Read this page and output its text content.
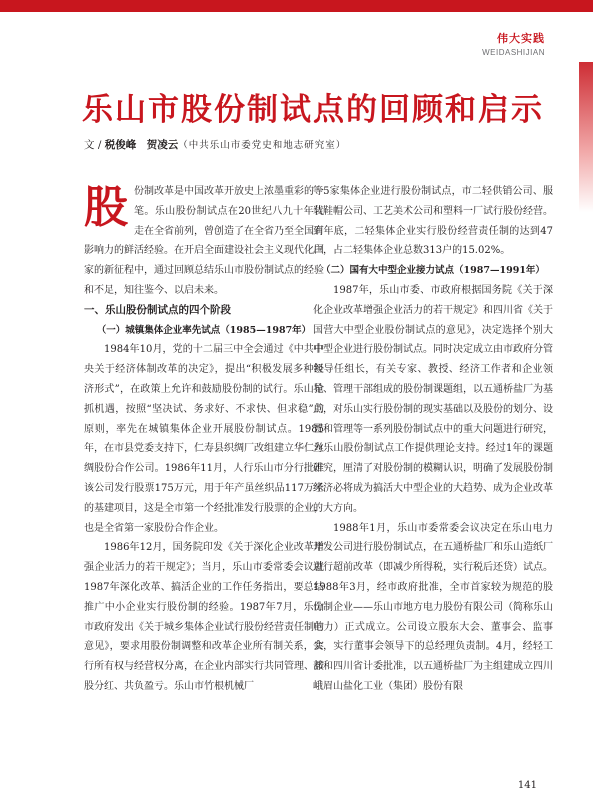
伟大实践
WEIDASHIJIAN
乐山市股份制试点的回顾和启示
文 / 税俊峰　贺凌云（中共乐山市委党史和地志研究室）

股份制改革是中国改革开放史上浓墨重彩的一笔。乐山股份制试点在20世纪八九十年代走在全省前列，曾创造了在全省乃至全国有影响力的鲜活经验。在开启全面建设社会主义现代化国家的新征程中，通过回顾总结乐山市股份制试点的经验和不足，知往鉴今、以启未来。

一、乐山股份制试点的四个阶段

（一）城镇集体企业率先试点（1985—1987年）

1984年10月，党的十二届三中全会通过《中共中央关于经济体制改革的决定》，提出“积极发展多种经济形式”，在政策上允许和鼓励股份制的试行。乐山抢抓机遇，按照“坚决试、务求好、不求快、但求稳”的原则，率先在城镇集体企业开展股份制试点。1985年，在市县党委支持下，仁寿县织绸厂改组建立华仁丝绸股份合作公司。1986年11月，人行乐山市分行批准该公司发行股票175万元，用于年产虽丝织品117万米的基建项目，这是全市第一个经批准发行股票的企业，也是全省第一家股份合作企业。

1986年12月，国务院印发《关于深化企业改革增强企业活力的若干规定》；当月，乐山市委常委会议就1987年深化改革、搞活企业的工作任务指出，要总结推广中小企业实行股份制的经验。1987年7月，乐山市政府发出《关于城乡集体企业试行股份经营责任制的意见》，要求用股份制调整和改革企业所有制关系，实行所有权与经营权分离，在企业内部实行共同管理、按股分红、共负盈亏。乐山市竹根机械厂

等5家集体企业进行股份制试点，市二轻供销公司、服装鞋帽公司、工艺美术公司和塑料一厂试行股份经营。到年底，二轻集体企业实行股份经营责任制的达到47户，占二轻集体企业总数313户的15.02%。

（二）国有大中型企业接力试点（1987—1991年）

1987年，乐山市委、市政府根据国务院《关于深化企业改革增强企业活力的若干规定》和四川省《关于国营大中型企业股份制试点的意见》，决定选择个别大中型企业进行股份制试点。同时决定成立由市政府分管领导任组长，有关专家、教授、经济工作者和企业领导、管理干部组成的股份制课题组，以五通桥盐厂为基点，对乐山实行股份制的现实基础以及股份的划分、设置和管理等一系列股份制试点中的重大问题进行研究，为乐山股份制试点工作提供理论支持。经过1年的课题研究，厘清了对股份制的模糊认识，明确了发展股份制经济必将成为搞活大中型企业的大趋势、成为企业改革的大方向。

1988年1月，乐山市委常委会议决定在乐山电力开发公司进行股份制试点，在五通桥盐厂和乐山造纸厂进行超前改革（即减少所得税，实行税后还贷）试点。1988年3月，经市政府批准，全市首家较为规范的股份制企业——乐山市地方电力股份有限公司（简称乐山电力）正式成立。公司设立股东大会、董事会、监事会，实行董事会领导下的总经理负责制。4月，经轻工部和四川省计委批准，以五通桥盐厂为主组建成立四川峨眉山盐化工业（集团）股份有限

141
